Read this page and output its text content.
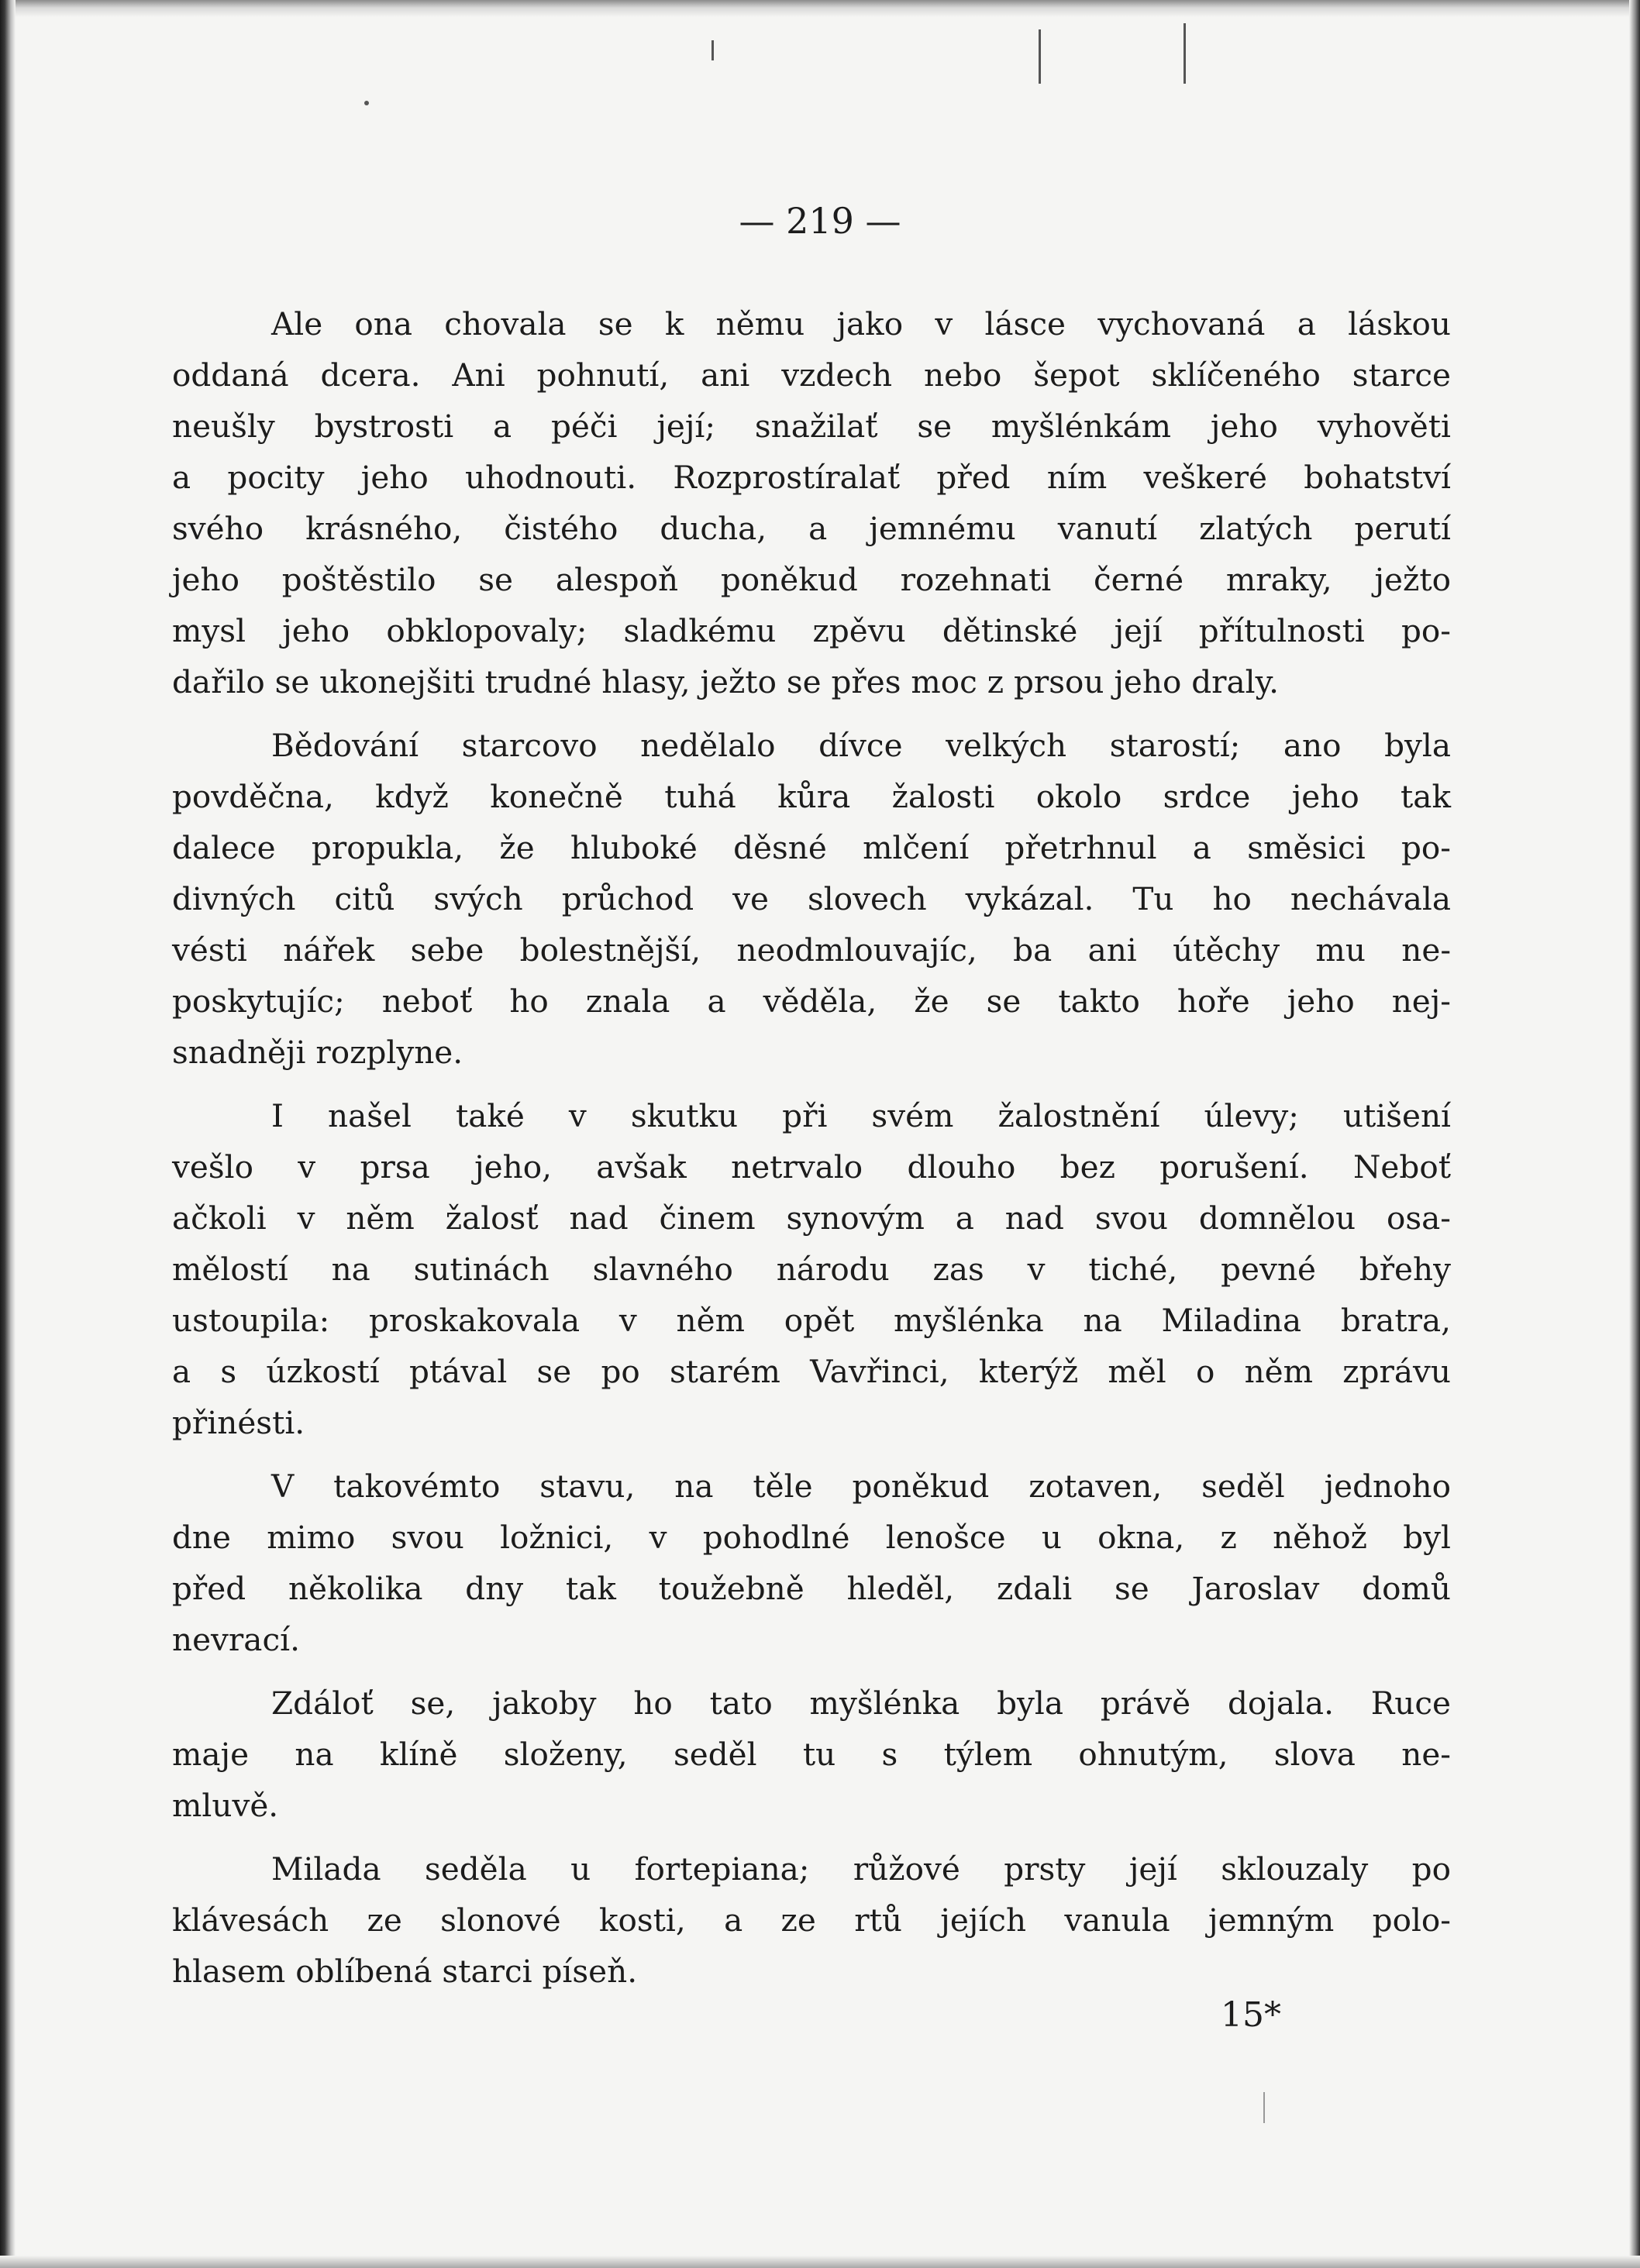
— 219 —

Ale ona chovala se k němu jako v lásce vychovaná a láskou
oddaná dcera. Ani pohnutí, ani vzdech nebo šepot sklíčeného starce
neušly bystrosti a péči její; snažilať se myšlénkám jeho vyhověti
a pocity jeho uhodnouti. Rozprostíralať před ním veškeré bohatství
svého krásného, čistého ducha, a jemnému vanutí zlatých perutí
jeho poštěstilo se alespoň poněkud rozehnati černé mraky, ježto
mysl jeho obklopovaly; sladkému zpěvu dětinské její přítulnosti po-
dařilo se ukonejšiti trudné hlasy, ježto se přes moc z prsou jeho draly.
Bědování starcovo nedělalo dívce velkých starostí; ano byla
povděčna, když konečně tuhá kůra žalosti okolo srdce jeho tak
dalece propukla, že hluboké děsné mlčení přetrhnul a směsici po-
divných citů svých průchod ve slovech vykázal. Tu ho nechávala
vésti nářek sebe bolestnější, neodmlouvajíc, ba ani útěchy mu ne-
poskytujíc; neboť ho znala a věděla, že se takto hoře jeho nej-
snadněji rozplyne.
I našel také v skutku při svém žalostnění úlevy; utišení
vešlo v prsa jeho, avšak netrvalo dlouho bez porušení. Neboť
ačkoli v něm žalosť nad činem synovým a nad svou domnělou osa-
mělostí na sutinách slavného národu zas v tiché, pevné břehy
ustoupila: proskakovala v něm opět myšlénka na Miladina bratra,
a s úzkostí ptával se po starém Vavřinci, kterýž měl o něm zprávu
přinésti.
V takovémto stavu, na těle poněkud zotaven, seděl jednoho
dne mimo svou ložnici, v pohodlné lenošce u okna, z něhož byl
před několika dny tak toužebně hleděl, zdali se Jaroslav domů
nevrací.
Zdáloť se, jakoby ho tato myšlénka byla právě dojala. Ruce
maje na klíně složeny, seděl tu s týlem ohnutým, slova ne-
mluvě.
Milada seděla u fortepiana; růžové prsty její sklouzaly po
klávesách ze slonové kosti, a ze rtů jejích vanula jemným polo-
hlasem oblíbená starci píseň.

15*
